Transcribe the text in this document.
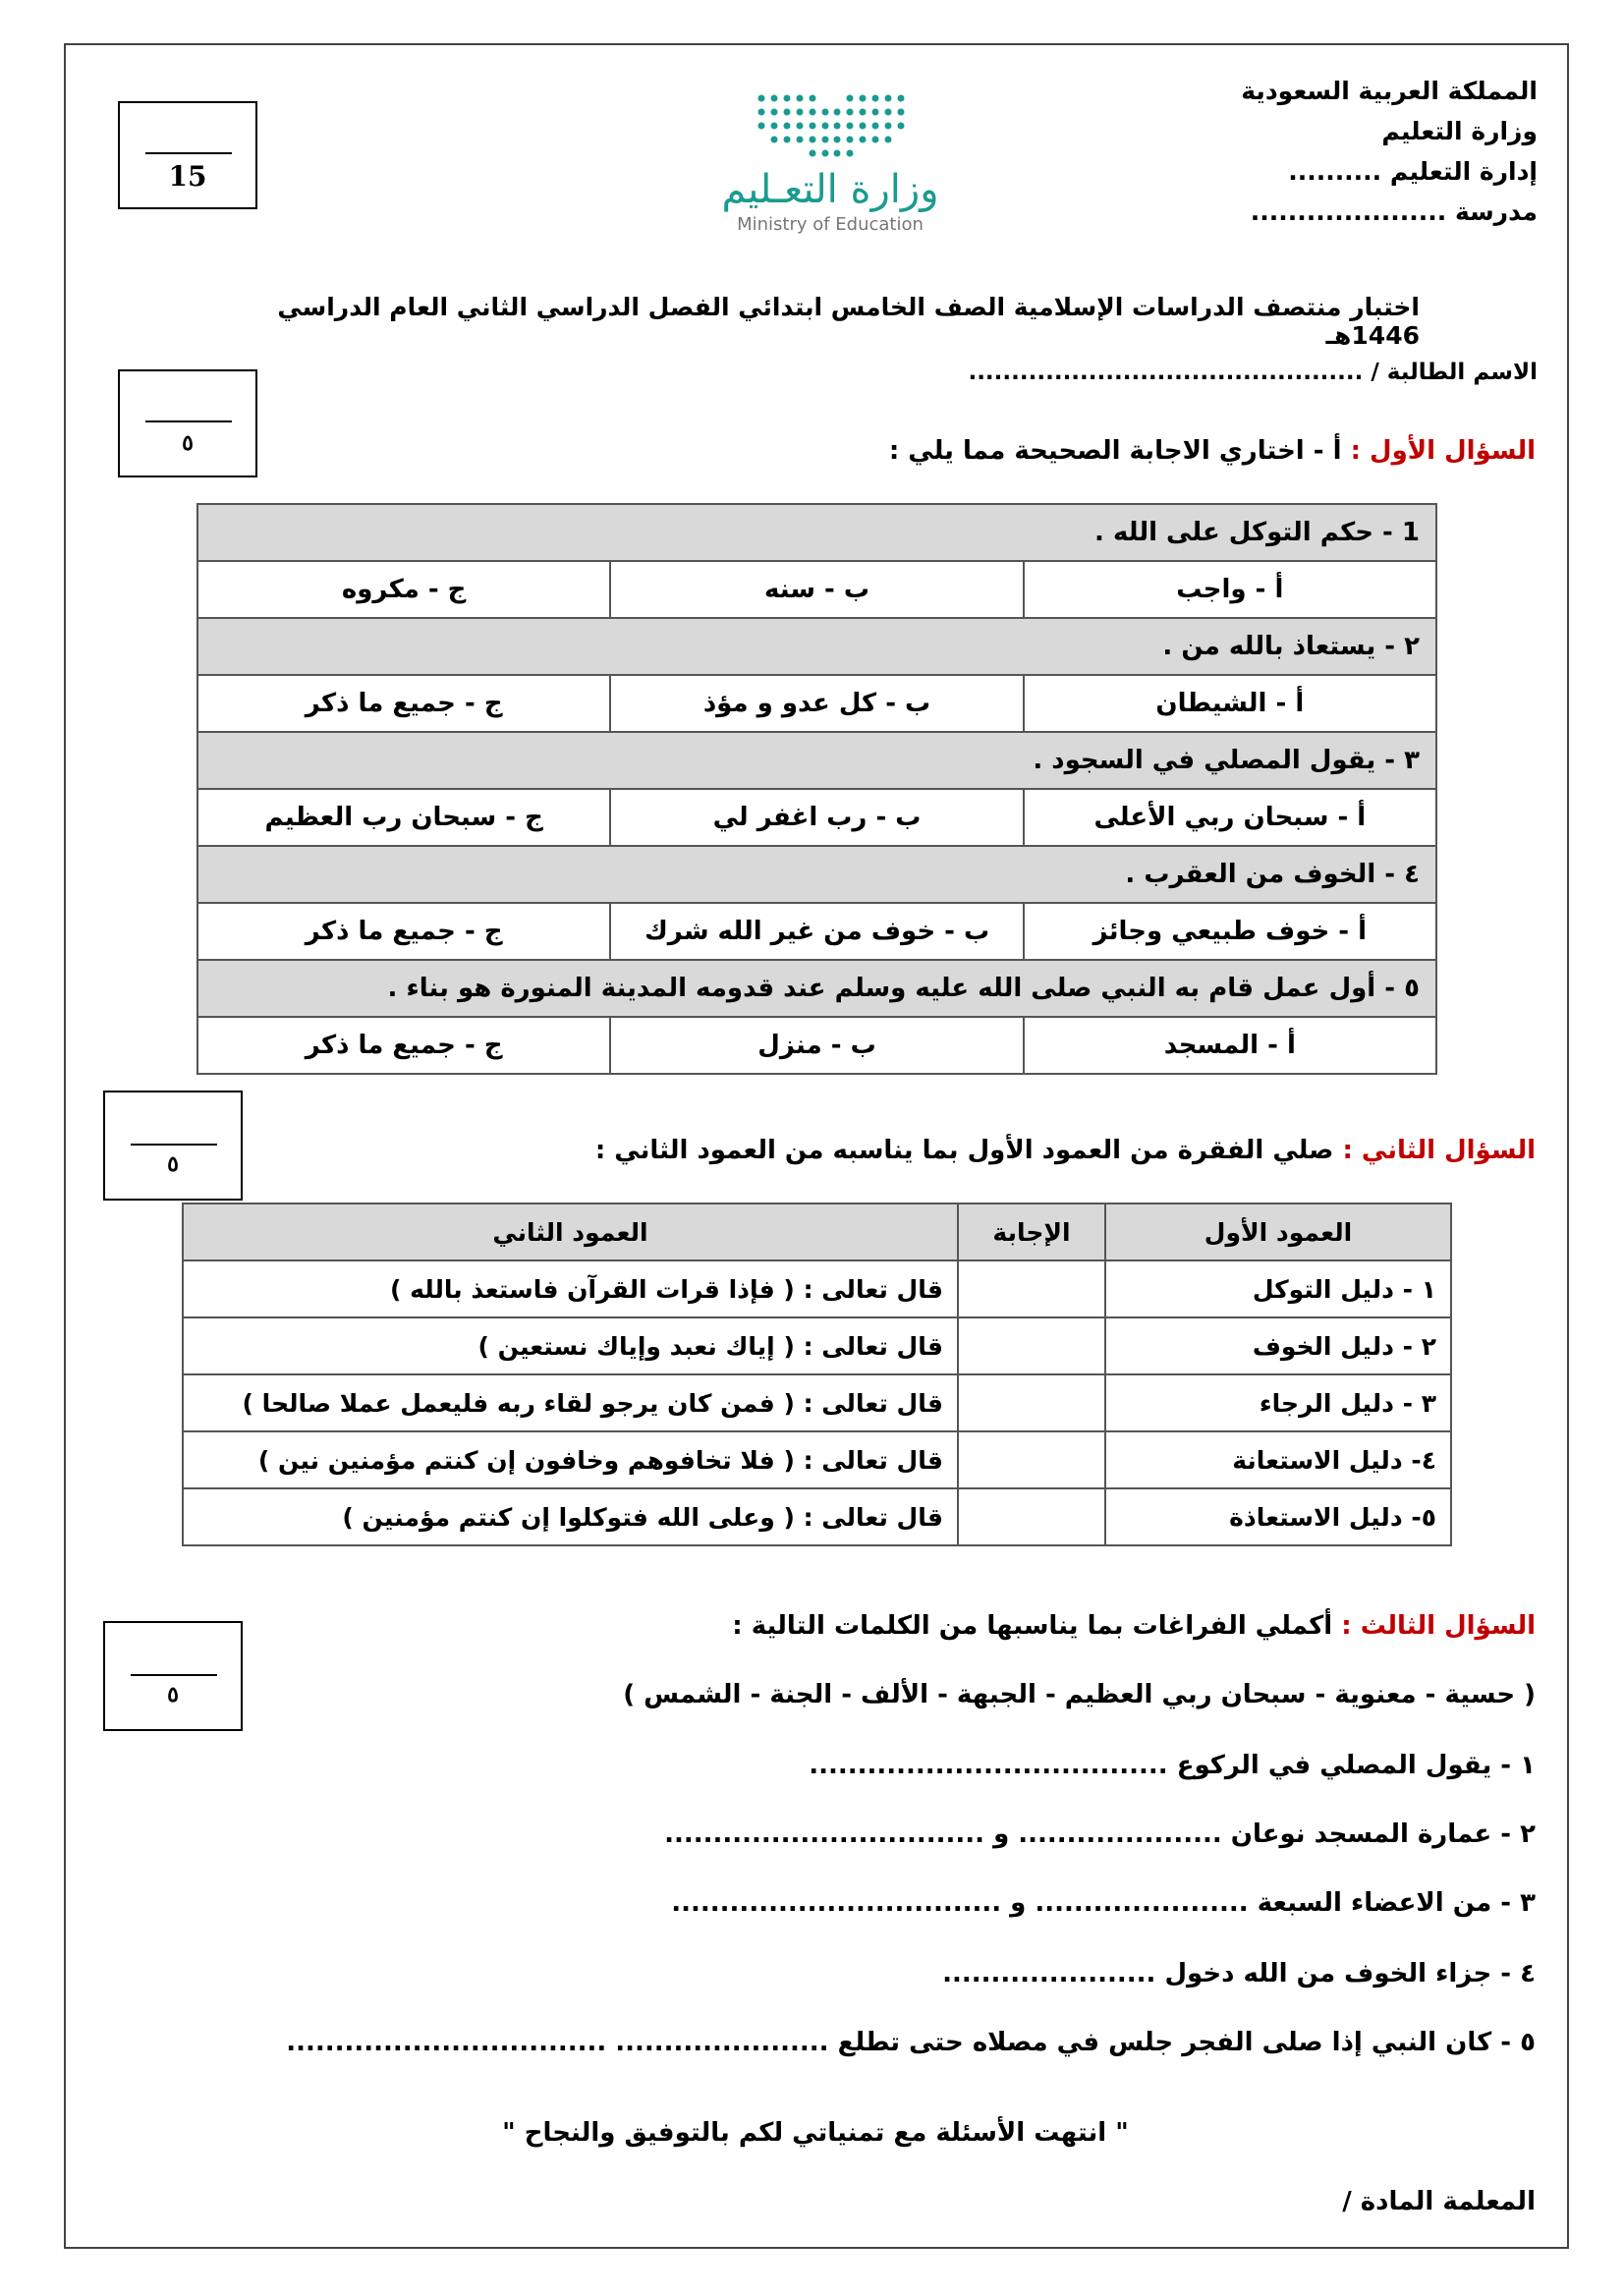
المملكة العربية السعودية
وزارة التعليم
إدارة التعليم ..........
مدرسة .....................
وزارة التعـليم
Ministry of Education
15
اختبار منتصف الدراسات الإسلامية الصف الخامس ابتدائي الفصل الدراسي الثاني العام الدراسي 1446هـ
الاسم الطالبة / ..............................................
٥	السؤال الأول : أ - اختاري الاجابة الصحيحة مما يلي :
1 - حكم التوكل على الله .		
أ - واجب	ب - سنه	ج - مكروه
٢ - يستعاذ بالله من .		
أ - الشيطان	ب - كل عدو و مؤذ	ج - جميع ما ذكر
٣ - يقول المصلي في السجود .		
أ - سبحان ربي الأعلى	ب - رب اغفر لي	ج - سبحان رب العظيم
٤ - الخوف من العقرب .		
أ - خوف طبيعي وجائز	ب - خوف من غير الله شرك	ج - جميع ما ذكر
٥ - أول عمل قام به النبي صلى الله عليه وسلم عند قدومه المدينة المنورة هو بناء .		
أ - المسجد	ب - منزل	ج - جميع ما ذكر
٥	السؤال الثاني : صلي الفقرة من العمود الأول بما يناسبه من العمود الثاني :
العمود الأول	الإجابة	العمود الثاني
١ - دليل التوكل		قال تعالى : ( فإذا قرات القرآن فاستعذ بالله )
٢ - دليل الخوف		قال تعالى : ( إياك نعبد وإياك نستعين )
٣ - دليل الرجاء		قال تعالى : ( فمن كان يرجو لقاء ربه فليعمل عملا صالحا )
٤- دليل الاستعانة		قال تعالى : ( فلا تخافوهم وخافون إن كنتم مؤمنين نين )
٥- دليل الاستعاذة		قال تعالى : ( وعلى الله فتوكلوا إن كنتم مؤمنين )
٥
السؤال الثالث : أكملي الفراغات بما يناسبها من الكلمات التالية :
( حسية - معنوية - سبحان ربي العظيم - الجبهة - الألف - الجنة - الشمس )
١ - يقول المصلي في الركوع .....................................
٢ - عمارة المسجد نوعان ..................... و .................................
٣ - من الاعضاء السبعة ...................... و ..................................
٤ - جزاء الخوف من الله دخول ......................
٥ - كان النبي إذا صلى الفجر جلس في مصلاه حتى تطلع ...................... .................................
" انتهت الأسئلة مع تمنياتي لكم بالتوفيق والنجاح "
المعلمة المادة /
